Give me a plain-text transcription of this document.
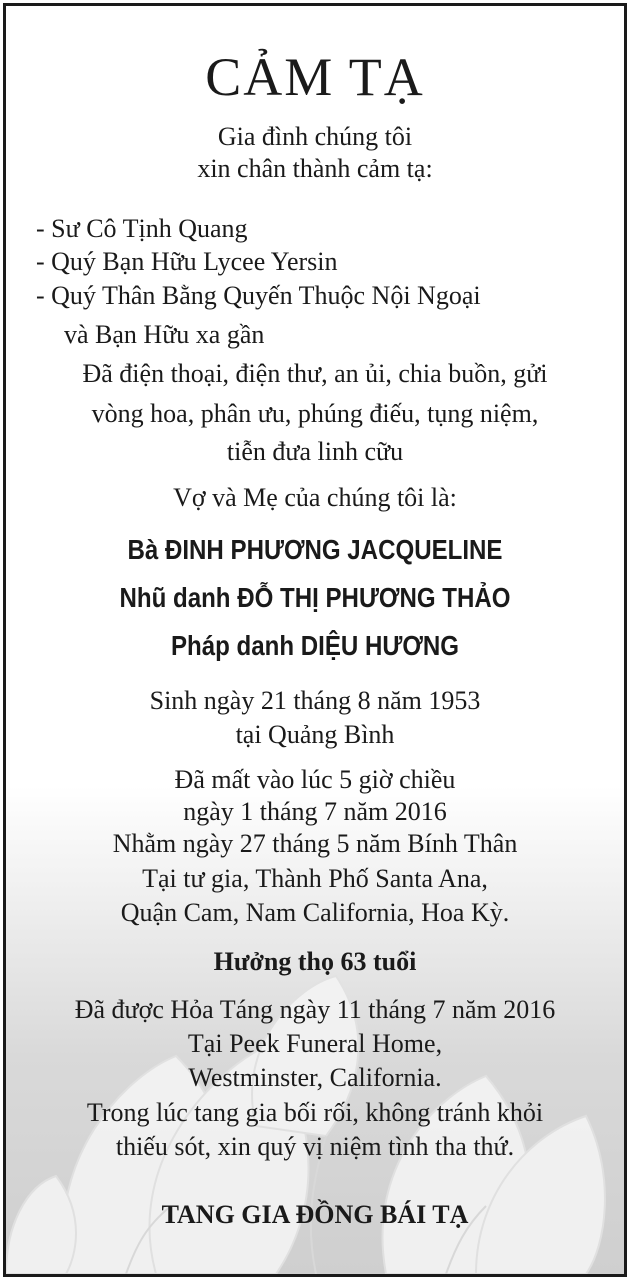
CẢM TẠ
Gia đình chúng tôi
xin chân thành cảm tạ:
- Sư Cô Tịnh Quang
- Quý Bạn Hữu Lycee Yersin
- Quý Thân Bằng Quyến Thuộc Nội Ngoại
và Bạn Hữu xa gần
Đã điện thoại, điện thư, an ủi, chia buồn, gửi
vòng hoa, phân ưu, phúng điếu, tụng niệm,
tiễn đưa linh cữu
Vợ và Mẹ của chúng tôi là:
Bà ĐINH PHƯƠNG JACQUELINE
Nhũ danh ĐỖ THỊ PHƯƠNG THẢO
Pháp danh DIỆU HƯƠNG
Sinh ngày 21 tháng 8 năm 1953
tại Quảng Bình
Đã mất vào lúc 5 giờ chiều
ngày 1 tháng 7 năm 2016
Nhằm ngày 27 tháng 5 năm Bính Thân
Tại tư gia, Thành Phố Santa Ana,
Quận Cam, Nam California, Hoa Kỳ.
Hưởng thọ 63 tuổi
Đã được Hỏa Táng ngày 11 tháng 7 năm 2016
Tại Peek Funeral Home,
Westminster, California.
Trong lúc tang gia bối rối, không tránh khỏi
thiếu sót, xin quý vị niệm tình tha thứ.
TANG GIA ĐỒNG BÁI TẠ
